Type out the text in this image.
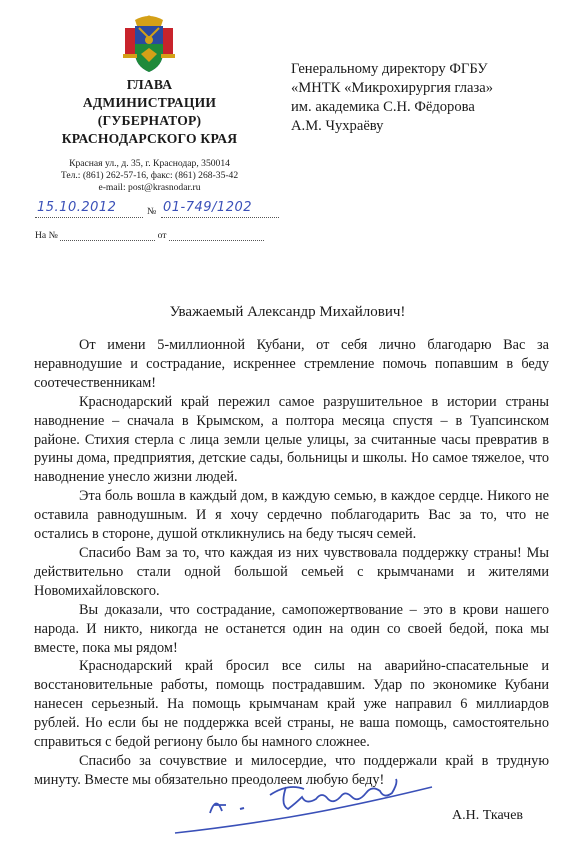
ГЛАВА
АДМИНИСТРАЦИИ
(ГУБЕРНАТОР)
КРАСНОДАРСКОГО КРАЯ
Красная ул., д. 35, г. Краснодар, 350014
Тел.: (861) 262-57-16, факс: (861) 268-35-42
e-mail: post@krasnodar.ru
15.10.2012	№ 01-749/1202
На №	от
Генеральному директору ФГБУ
«МНТК «Микрохирургия глаза»
им. академика С.Н. Фёдорова
А.М. Чухраёву
Уважаемый Александр Михайлович!

От имени 5-миллионной Кубани, от себя лично благодарю Вас за неравнодушие и сострадание, искреннее стремление помочь попавшим в беду соотечественникам!

Краснодарский край пережил самое разрушительное в истории страны наводнение – сначала в Крымском, а полтора месяца спустя – в Туапсинском районе. Стихия стерла с лица земли целые улицы, за считанные часы превратив в руины дома, предприятия, детские сады, больницы и школы. Но самое тяжелое, что наводнение унесло жизни людей.

Эта боль вошла в каждый дом, в каждую семью, в каждое сердце. Никого не оставила равнодушным. И я хочу сердечно поблагодарить Вас за то, что не остались в стороне, душой откликнулись на беду тысяч семей.

Спасибо Вам за то, что каждая из них чувствовала поддержку страны! Мы действительно стали одной большой семьей с крымчанами и жителями Новомихайловского.

Вы доказали, что сострадание, самопожертвование – это в крови нашего народа. И никто, никогда не останется один на один со своей бедой, пока мы вместе, пока мы рядом!

Краснодарский край бросил все силы на аварийно-спасательные и восстановительные работы, помощь пострадавшим. Удар по экономике Кубани нанесен серьезный. На помощь крымчанам край уже направил 6 миллиардов рублей. Но если бы не поддержка всей страны, не ваша помощь, самостоятельно справиться с бедой региону было бы намного сложнее.

Спасибо за сочувствие и милосердие, что поддержали край в трудную минуту. Вместе мы обязательно преодолеем любую беду!

А.Н. Ткачев
